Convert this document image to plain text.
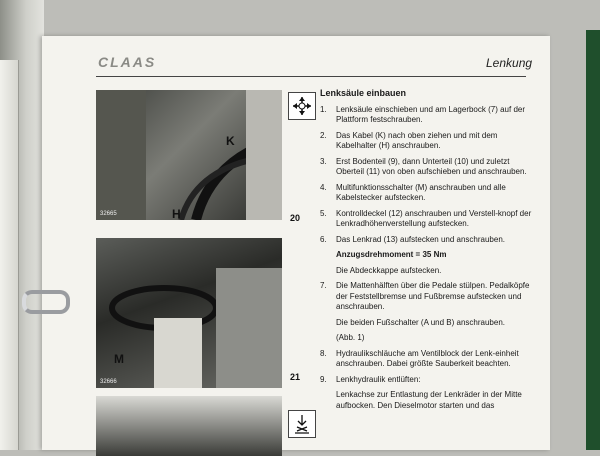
CLAAS	Lenkung
32665
K
H	20
32666
M
21
Lenksäule einbauen
1.	Lenksäule einschieben und am Lagerbock (7) auf der Plattform festschrauben.
2.	Das Kabel (K) nach oben ziehen und mit dem Kabelhalter (H) anschrauben.
3.	Erst Bodenteil (9), dann Unterteil (10) und zuletzt Oberteil (11) von oben aufschieben und anschrauben.
4.	Multifunktionsschalter (M) anschrauben und alle Kabelstecker aufstecken.
5.	Kontrolldeckel (12) anschrauben und Verstell-knopf der Lenkradhöhenverstellung aufstecken.
6.	Das Lenkrad (13) aufstecken und anschrauben.
Anzugsdrehmoment = 35 Nm
Die Abdeckkappe aufstecken.
7.	Die Mattenhälften über die Pedale stülpen. Pedalköpfe der Feststellbremse und Fußbremse aufstecken und anschrauben.
Die beiden Fußschalter (A und B) anschrauben.
(Abb. 1)
8.	Hydraulikschläuche am Ventilblock der Lenk-einheit anschrauben. Dabei größte Sauberkeit beachten.
9.	Lenkhydraulik entlüften:
Lenkachse zur Entlastung der Lenkräder in der Mitte aufbocken. Den Dieselmotor starten und das
